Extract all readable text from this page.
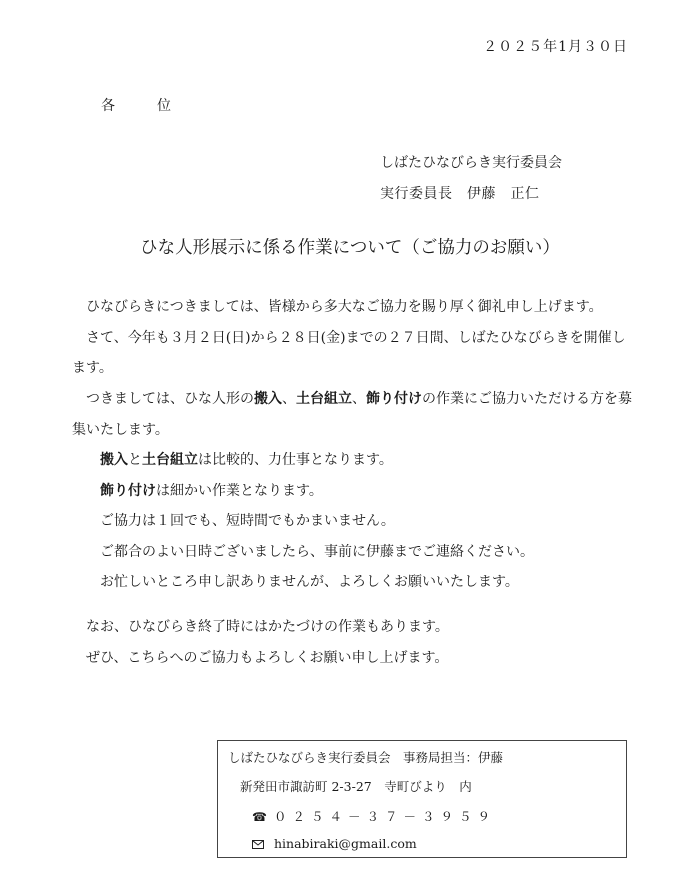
２０２５年1月３０日
各　位
しばたひなびらき実行委員会
実行委員長　伊藤　正仁
ひな人形展示に係る作業について（ご協力のお願い）
ひなびらきにつきましては、皆様から多大なご協力を賜り厚く御礼申し上げます。
さて、今年も３月２日(日)から２８日(金)までの２７日間、しばたひなびらきを開催します。
つきましては、ひな人形の搬入、土台組立、飾り付けの作業にご協力いただける方を募集いたします。
搬入と土台組立は比較的、力仕事となります。
飾り付けは細かい作業となります。
ご協力は１回でも、短時間でもかまいません。
ご都合のよい日時ございましたら、事前に伊藤までご連絡ください。
お忙しいところ申し訳ありませんが、よろしくお願いいたします。
なお、ひなびらき終了時にはかたづけの作業もあります。
ぜひ、こちらへのご協力もよろしくお願い申し上げます。
しばたひなびらき実行委員会　事務局担当：伊藤
新発田市諏訪町 2-3-27　寺町びより　内
☎ ０２５４－３７－３９５９
hinabiraki@gmail.com
